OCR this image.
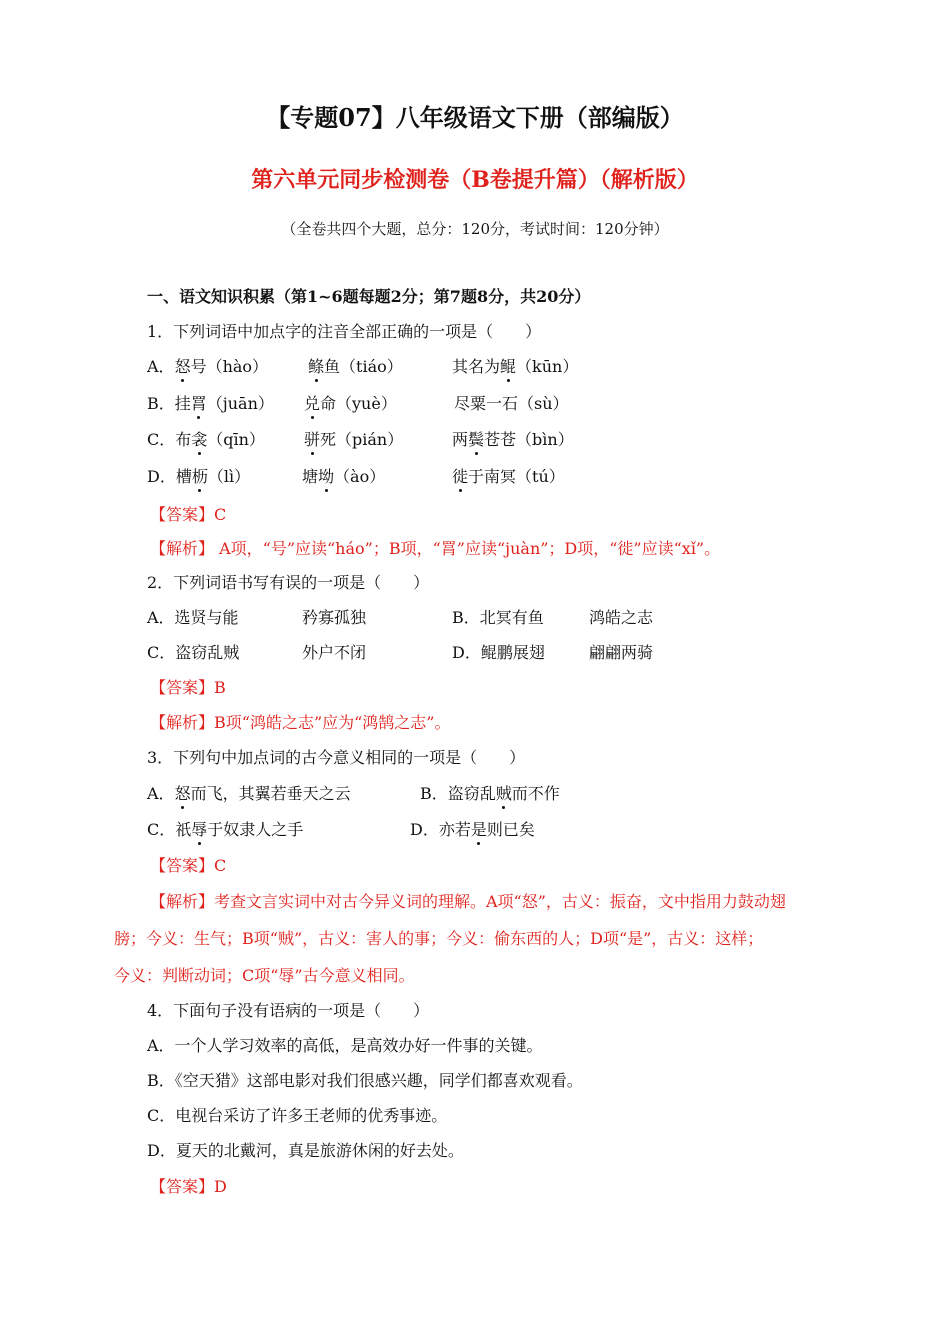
【专题07】八年级语文下册（部编版）
第六单元同步检测卷（B卷提升篇）（解析版）
（全卷共四个大题，总分：120分，考试时间：120分钟）
一、语文知识积累（第1~6题每题2分；第7题8分，共20分）
1．下列词语中加点字的注音全部正确的一项是（　　）
A．怒号（hào） 鲦鱼（tiáo）	其名为鲲（kūn）
B．挂罥（juān） 兑命（yuè）	尽粟一石（sù）
C．布衾（qīn） 骈死（pián）	两鬓苍苍（bìn）
D．槽枥（lì）	塘坳（ào）	徙于南冥（tú）
【答案】C
【解析】 A项，“号”应读“háo”；B项，“罥”应读“juàn”；D项，“徙”应读“xǐ”。
2．下列词语书写有误的一项是（　　）
A．选贤与能	矜寡孤独	B．北冥有鱼	鸿皓之志
C．盗窃乱贼	外户不闭	D．鲲鹏展翅	翩翩两骑
【答案】B
【解析】B项“鸿皓之志”应为“鸿鹄之志”。
3．下列句中加点词的古今意义相同的一项是（　　）
A．怒而飞，其翼若垂天之云	B．盗窃乱贼而不作
C．祇辱于奴隶人之手	D．亦若是则已矣
【答案】C
【解析】考查文言实词中对古今异义词的理解。A项“怒”，古义：振奋，文中指用力鼓动翅
膀；今义：生气；B项“贼”，古义：害人的事；今义：偷东西的人；D项“是”，古义：这样；
今义：判断动词；C项“辱”古今意义相同。
4．下面句子没有语病的一项是（　　）
A．一个人学习效率的高低，是高效办好一件事的关键。
B．《空天猎》这部电影对我们很感兴趣，同学们都喜欢观看。
C．电视台采访了许多王老师的优秀事迹。
D．夏天的北戴河，真是旅游休闲的好去处。
【答案】D
